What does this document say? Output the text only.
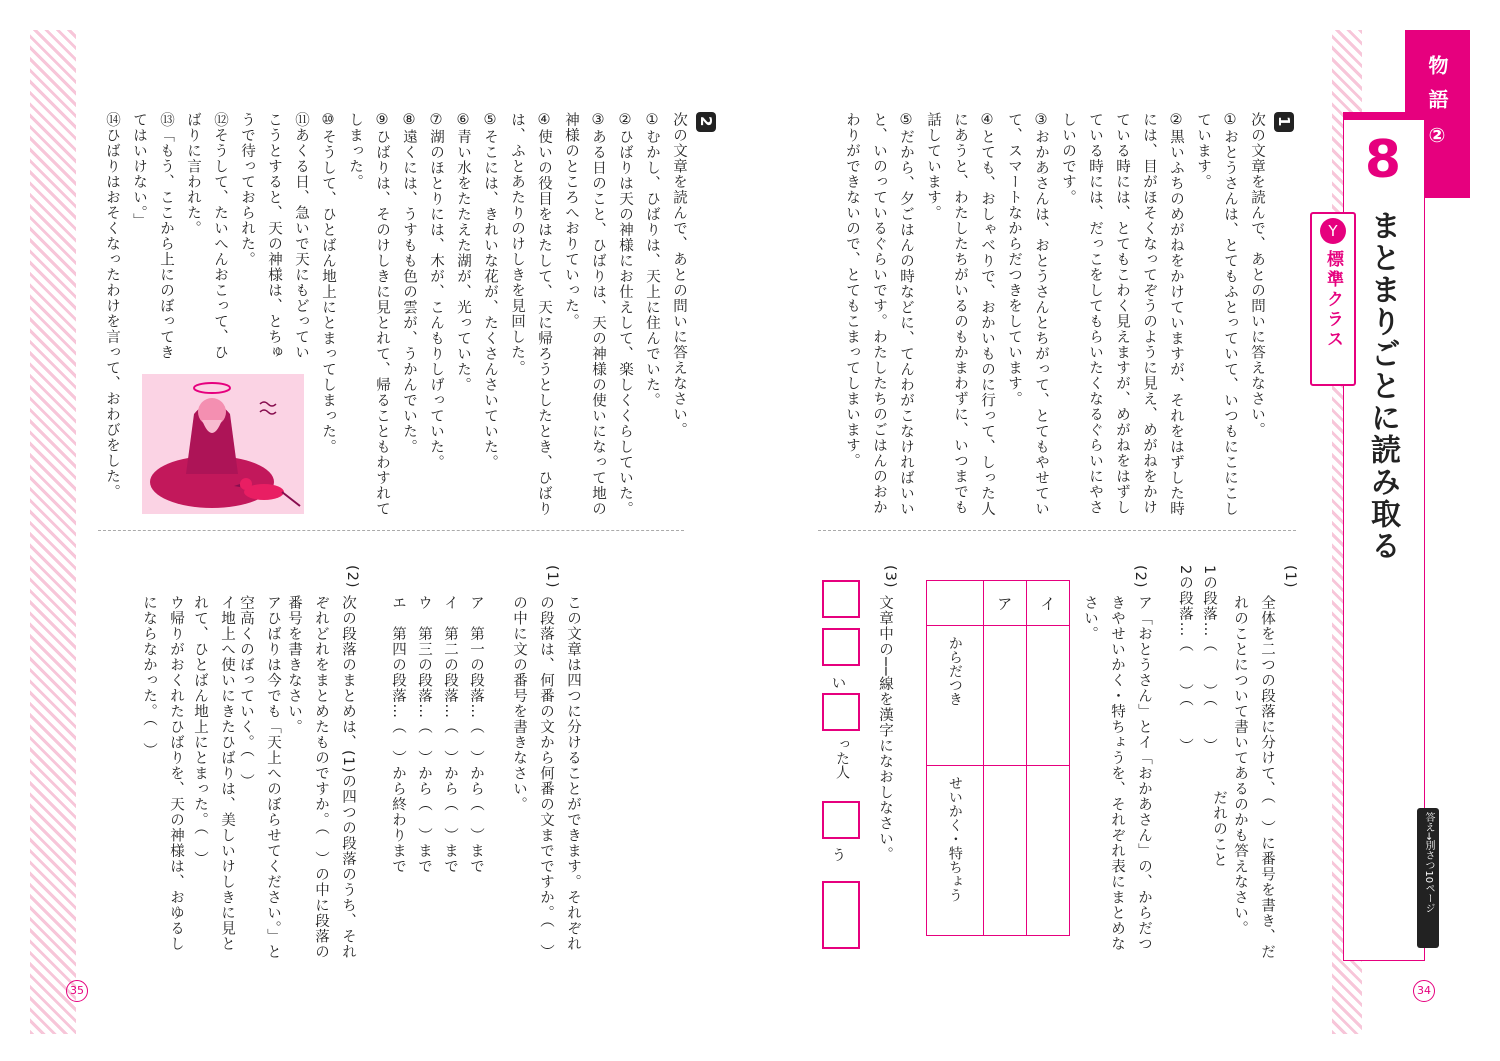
物語②
8
まとまりごとに読み取る
Y
標準クラス
答え→別さつ10ページ
1
次の文章を読んで、あとの問いに答えなさい。
①おとうさんは、とてもふとっていて、いつもにこにこしています。
②黒いふちのめがねをかけていますが、それをはずした時には、目がほそくなってぞうのように見え、めがねをかけている時には、とてもこわく見えますが、めがねをはずしている時には、だっこをしてもらいたくなるぐらいにやさしいのです。
③おかあさんは、おとうさんとちがって、とてもやせていて、スマートなからだつきをしています。
④とても、おしゃべりで、おかいものに行って、しった人にあうと、わたしたちがいるのもかまわずに、いつまでも話しています。
⑤だから、夕ごはんの時などに、てんわがこなければいいと、いのっているぐらいです。わたしたちのごはんのおかわりができないので、とてもこまってしまいます。
(1)
全体を二つの段落に分けて、（　）に番号を書き、だれのことについて書いてあるのかも答えなさい。
だれのこと
1の段落…（　　）（　　）
2の段落…（　　）（　　）
(2)
ア「おとうさん」とイ「おかあさん」の、からだつきやせいかく・特ちょうを、それぞれ表にまとめなさい。
	ア	イ

からだつき		

せいかく・特ちょう		

(3)
文章中の──線を漢字になおしなさい。
い
った人
う
34
2
次の文章を読んで、あとの問いに答えなさい。
①むかし、ひばりは、天上に住んでいた。
②ひばりは天の神様にお仕えして、楽しくくらしていた。
③ある日のこと、ひばりは、天の神様の使いになって地の神様のところへおりていった。
④使いの役目をはたして、天に帰ろうとしたとき、ひばりは、ふとあたりのけしきを見回した。
⑤そこには、きれいな花が、たくさんさいていた。
⑥青い水をたたえた湖が、光っていた。
⑦湖のほとりには、木が、こんもりしげっていた。
⑧遠くには、うすもも色の雲が、うかんでいた。
⑨ひばりは、そのけしきに見とれて、帰ることもわすれてしまった。
⑩そうして、ひとばん地上にとまってしまった。
⑪あくる日、急いで天にもどっていこうとすると、天の神様は、とちゅうで待っておられた。
⑫そうして、たいへんおこって、ひばりに言われた。
⑬「もう、ここから上にのぼってきてはいけない。」
⑭ひばりはおそくなったわけを言って、おわびをした。
(1)
この文章は四つに分けることができます。それぞれの段落は、何番の文から何番の文までですか。（　）の中に文の番号を書きなさい。
ア　第一の段落…（　）から（　）まで
イ　第二の段落…（　）から（　）まで
ウ　第三の段落…（　）から（　）まで
エ　第四の段落…（　）から終わりまで
(2)
次の段落のまとめは、(1)の四つの段落のうち、それぞれどれをまとめたものですか。（　）の中に段落の番号を書きなさい。
アひばりは今でも「天上へのぼらせてください。」と空高くのぼっていく。（　）
イ地上へ使いにきたひばりは、美しいけしきに見とれて、ひとばん地上にとまった。（　）
ウ帰りがおくれたひばりを、天の神様は、おゆるしにならなかった。（　）
35
